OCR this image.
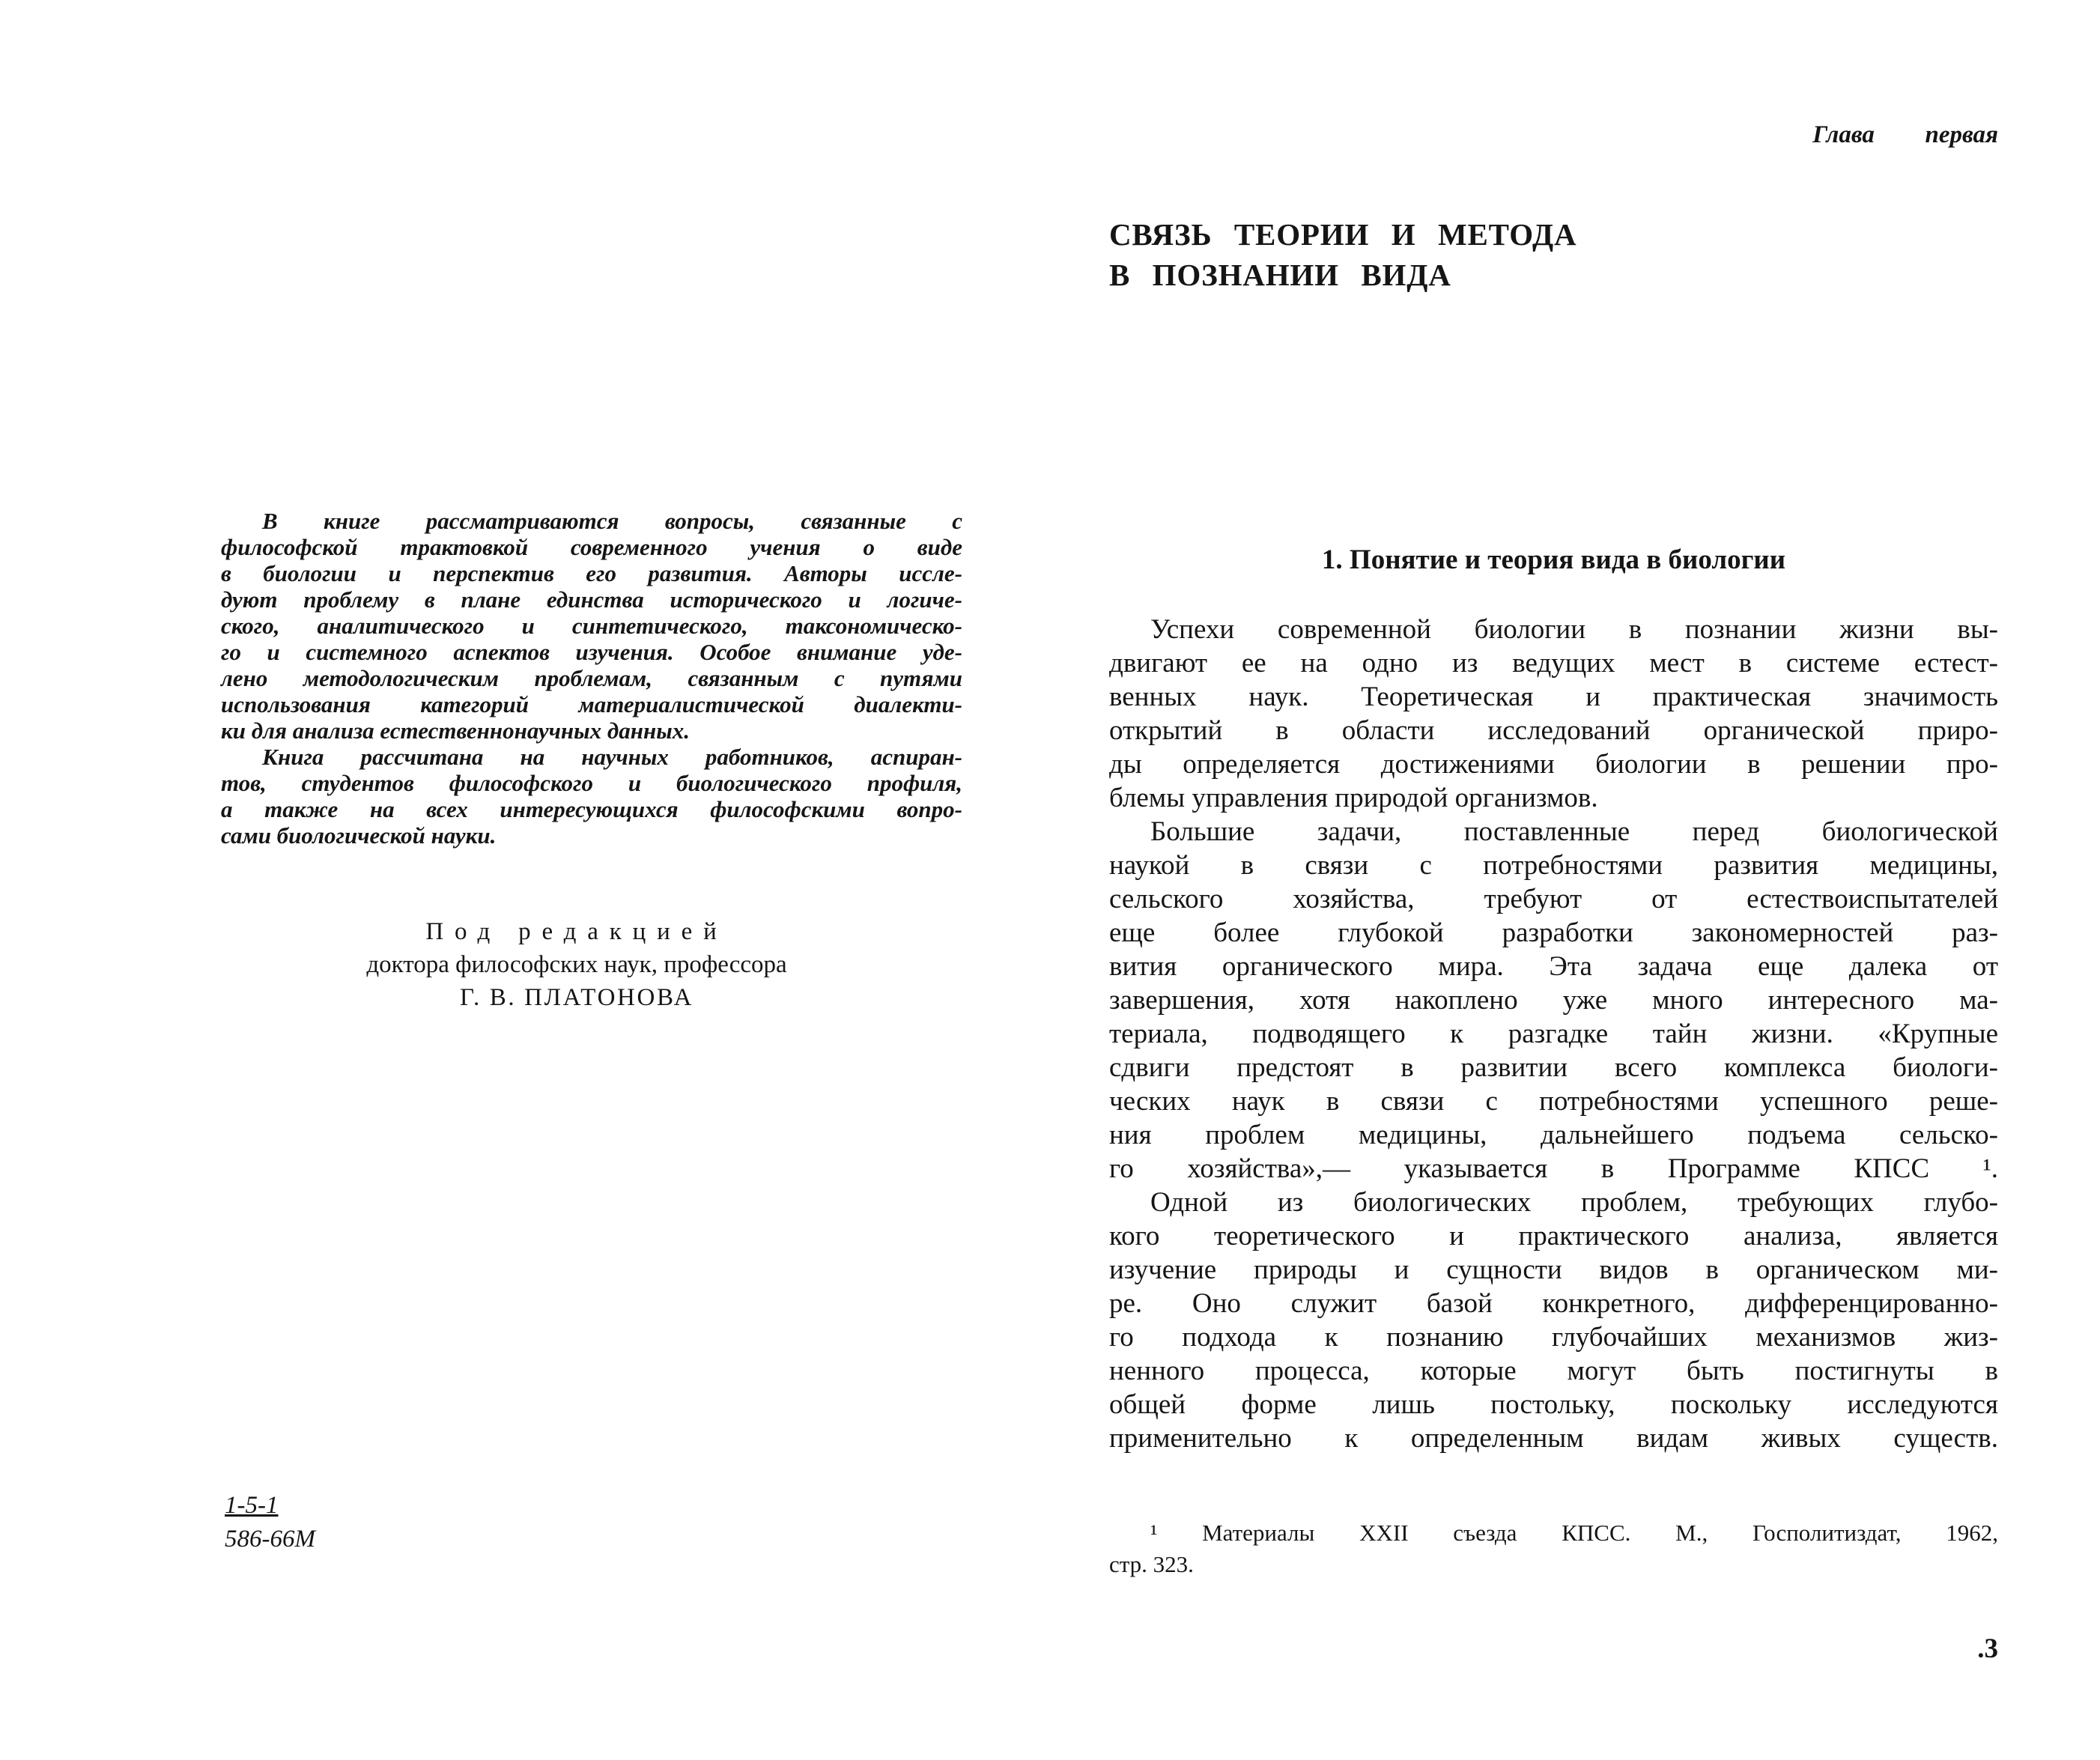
В книге рассматриваются вопросы, связанные с
философской трактовкой современного учения о виде
в биологии и перспектив его развития. Авторы иссле-
дуют проблему в плане единства исторического и логиче-
ского, аналитического и синтетического, таксономическо-
го и системного аспектов изучения. Особое внимание уде-
лено методологическим проблемам, связанным с путями
использования категорий материалистической диалекти-
ки для анализа естественнонаучных данных.
Книга рассчитана на научных работников, аспиран-
тов, студентов философского и биологического профиля,
а также на всех интересующихся философскими вопро-
сами биологической науки.
Под редакцией
доктора философских наук, профессора
Г. В. ПЛАТОНОВА
1-5-1
586-66М
Глава первая
СВЯЗЬ ТЕОРИИ И МЕТОДА
В ПОЗНАНИИ ВИДА
1. Понятие и теория вида в биологии
Успехи современной биологии в познании жизни вы-
двигают ее на одно из ведущих мест в системе естест-
венных наук. Теоретическая и практическая значимость
открытий в области исследований органической приро-
ды определяется достижениями биологии в решении про-
блемы управления природой организмов.
Большие задачи, поставленные перед биологической
наукой в связи с потребностями развития медицины,
сельского хозяйства, требуют от естествоиспытателей
еще более глубокой разработки закономерностей раз-
вития органического мира. Эта задача еще далека от
завершения, хотя накоплено уже много интересного ма-
териала, подводящего к разгадке тайн жизни. «Крупные
сдвиги предстоят в развитии всего комплекса биологи-
ческих наук в связи с потребностями успешного реше-
ния проблем медицины, дальнейшего подъема сельско-
го хозяйства»,— указывается в Программе КПСС ¹.
Одной из биологических проблем, требующих глубо-
кого теоретического и практического анализа, является
изучение природы и сущности видов в органическом ми-
ре. Оно служит базой конкретного, дифференцированно-
го подхода к познанию глубочайших механизмов жиз-
ненного процесса, которые могут быть постигнуты в
общей форме лишь постольку, поскольку исследуются
применительно к определенным видам живых существ.
¹ Материалы XXII съезда КПСС. М., Госполитиздат, 1962,
стр. 323.
.3
